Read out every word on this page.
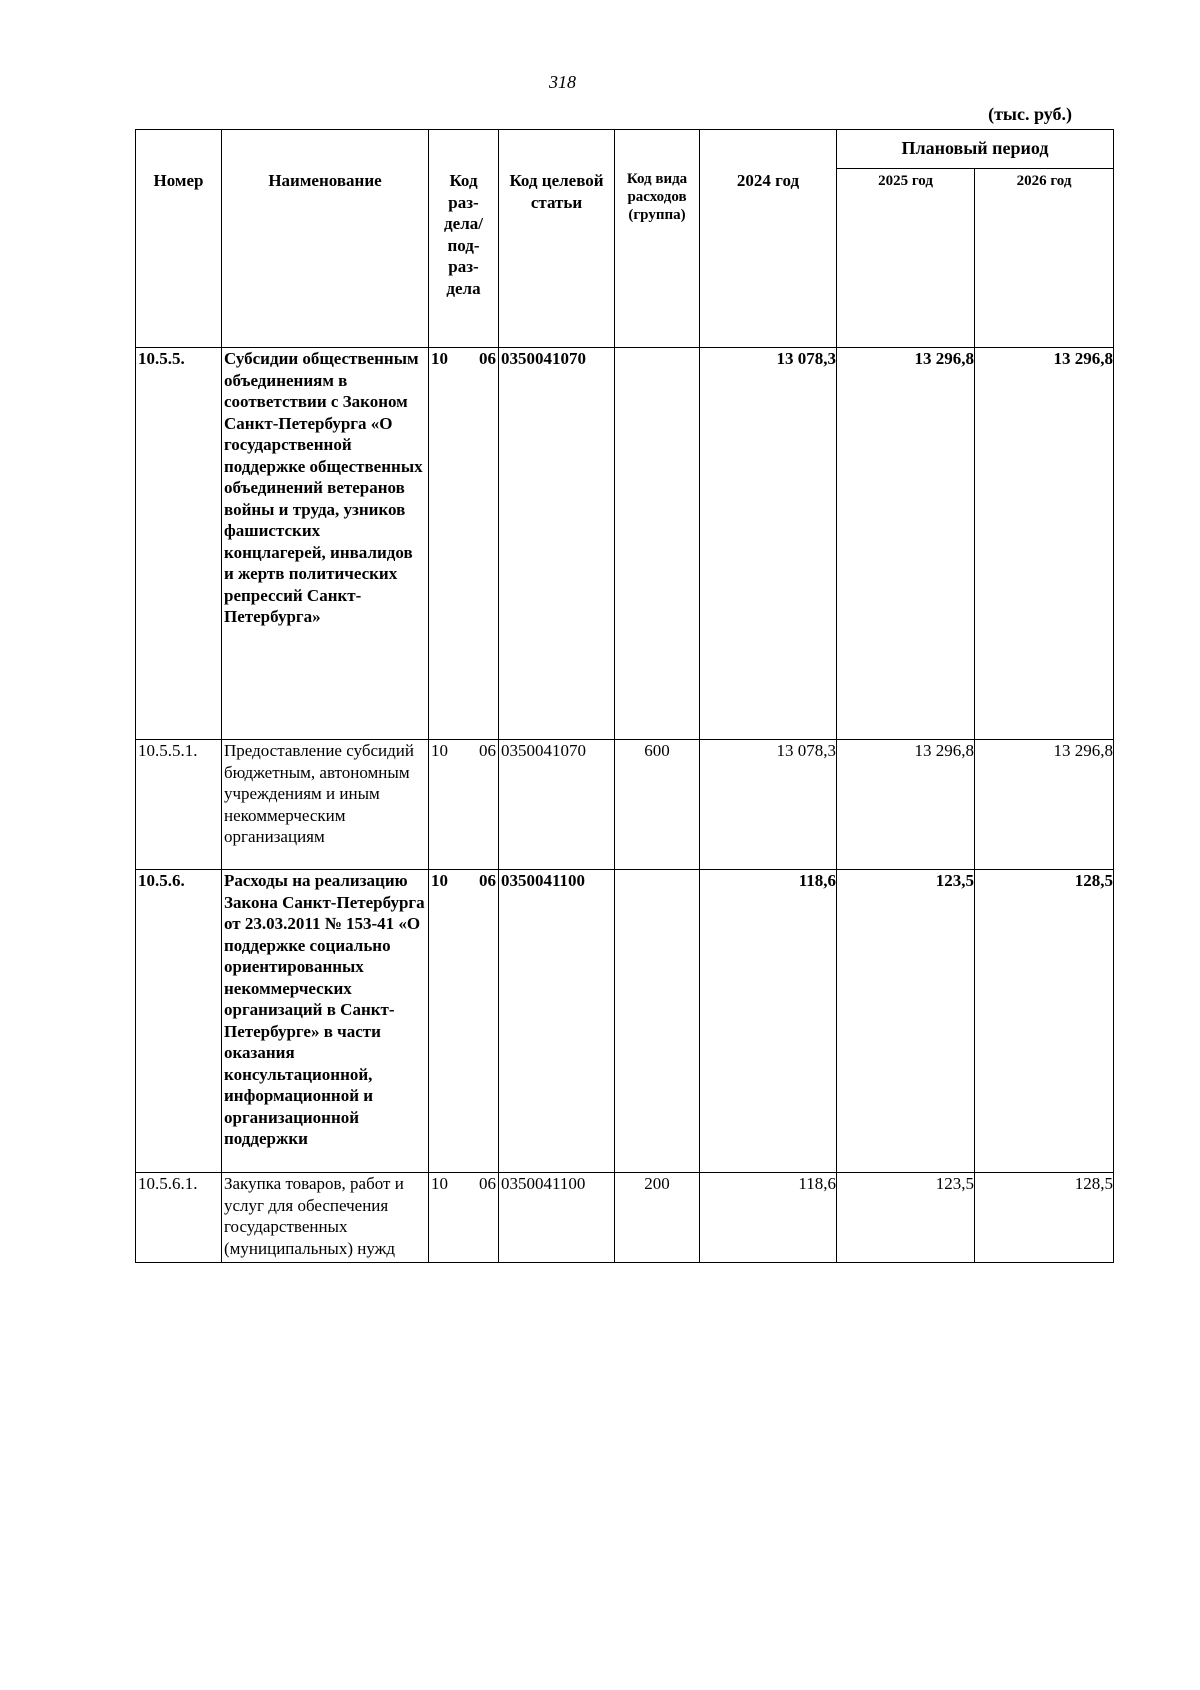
318
(тыс. руб.)
Номер	Наименование	Код раз- дела/ под- раз- дела	Код целевой статьи	Код вида расходов (группа)	2024 год	Плановый период	
						2025 год	2026 год
10.5.5.	Субсидии общественным объединениям в соответствии с Законом Санкт-Петербурга «О государственной поддержке общественных объединений ветеранов войны и труда, узников фашистских концлагерей, инвалидов и жертв политических репрессий Санкт-Петербурга»	10 06	0350041070		13 078,3	13 296,8	13 296,8
10.5.5.1.	Предоставление субсидий бюджетным, автономным учреждениям и иным некоммерческим организациям	10 06	0350041070	600	13 078,3	13 296,8	13 296,8
10.5.6.	Расходы на реализацию Закона Санкт-Петербурга от 23.03.2011 № 153-41 «О поддержке социально ориентированных некоммерческих организаций в Санкт-Петербурге» в части оказания консультационной, информационной и организационной поддержки	10 06	0350041100		118,6	123,5	128,5
10.5.6.1.	Закупка товаров, работ и услуг для обеспечения государственных (муниципальных) нужд	10 06	0350041100	200	118,6	123,5	128,5
